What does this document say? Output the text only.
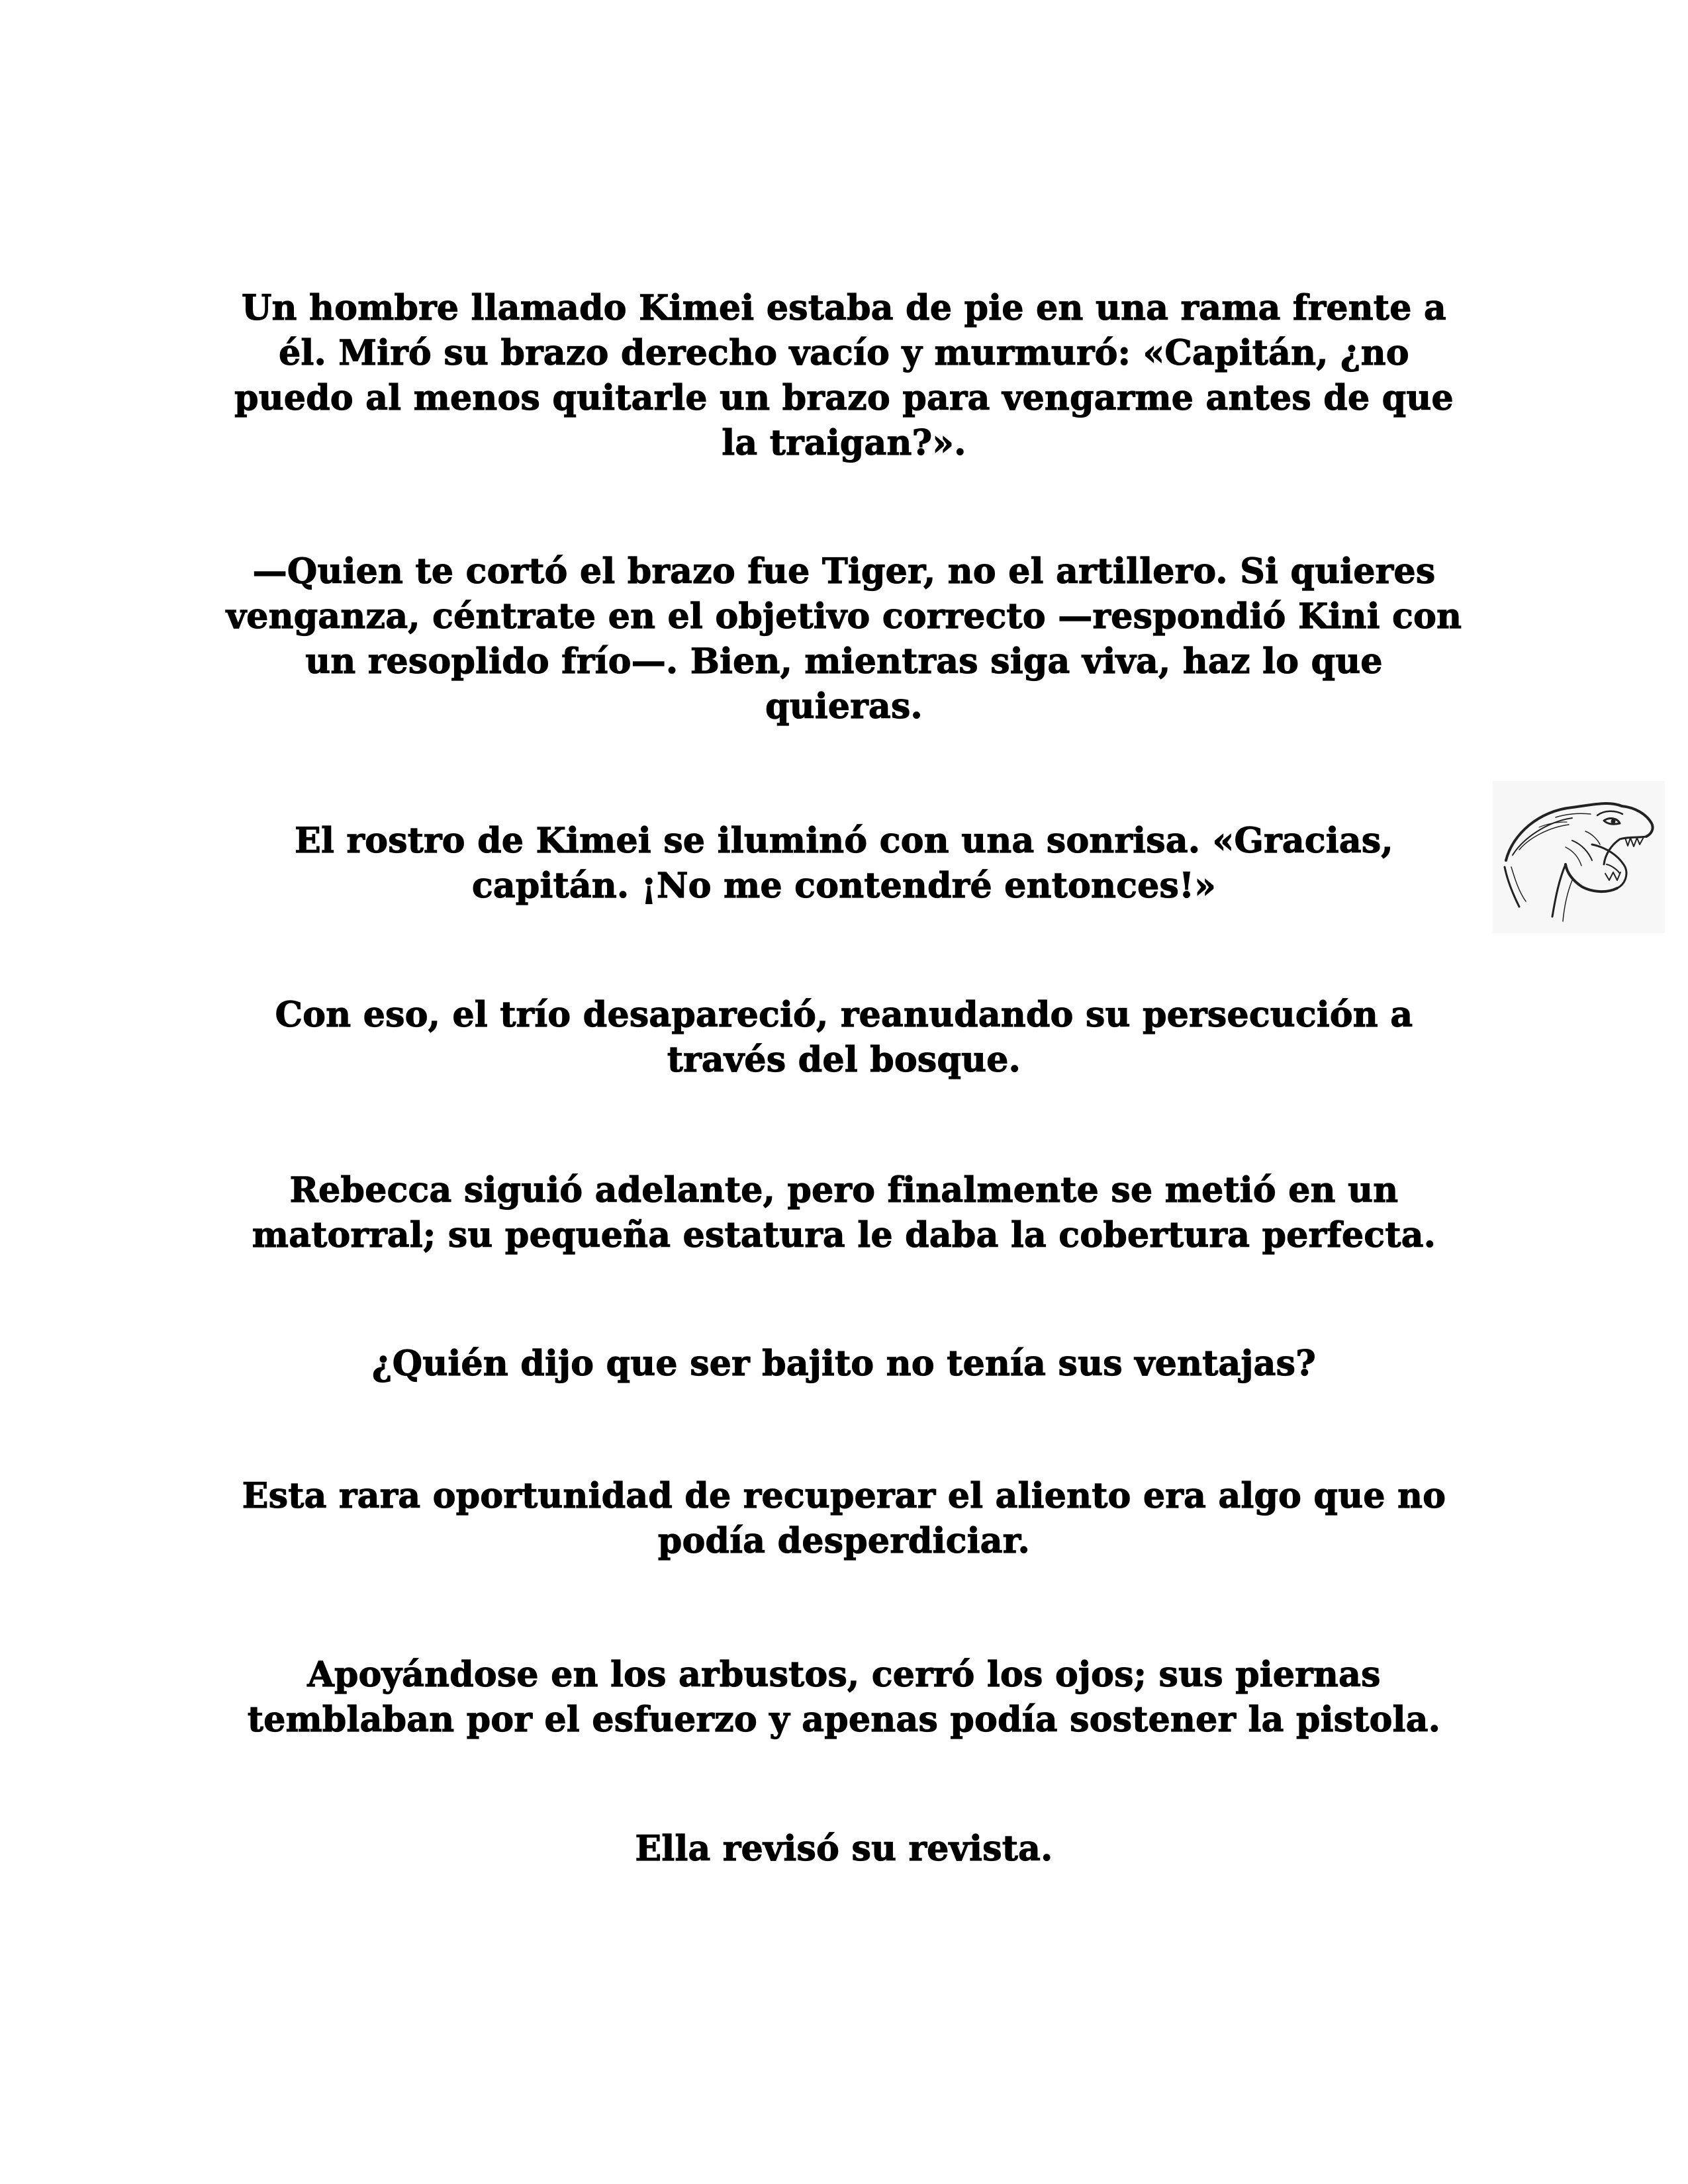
Un hombre llamado Kimei estaba de pie en una rama frente a él. Miró su brazo derecho vacío y murmuró: «Capitán, ¿no puedo al menos quitarle un brazo para vengarme antes de que la traigan?».

—Quien te cortó el brazo fue Tiger, no el artillero. Si quieres venganza, céntrate en el objetivo correcto —respondió Kini con un resoplido frío—. Bien, mientras siga viva, haz lo que quieras.

El rostro de Kimei se iluminó con una sonrisa. «Gracias, capitán. ¡No me contendré entonces!»

Con eso, el trío desapareció, reanudando su persecución a través del bosque.

Rebecca siguió adelante, pero finalmente se metió en un matorral; su pequeña estatura le daba la cobertura perfecta.

¿Quién dijo que ser bajito no tenía sus ventajas?

Esta rara oportunidad de recuperar el aliento era algo que no podía desperdiciar.

Apoyándose en los arbustos, cerró los ojos; sus piernas temblaban por el esfuerzo y apenas podía sostener la pistola.

Ella revisó su revista.
